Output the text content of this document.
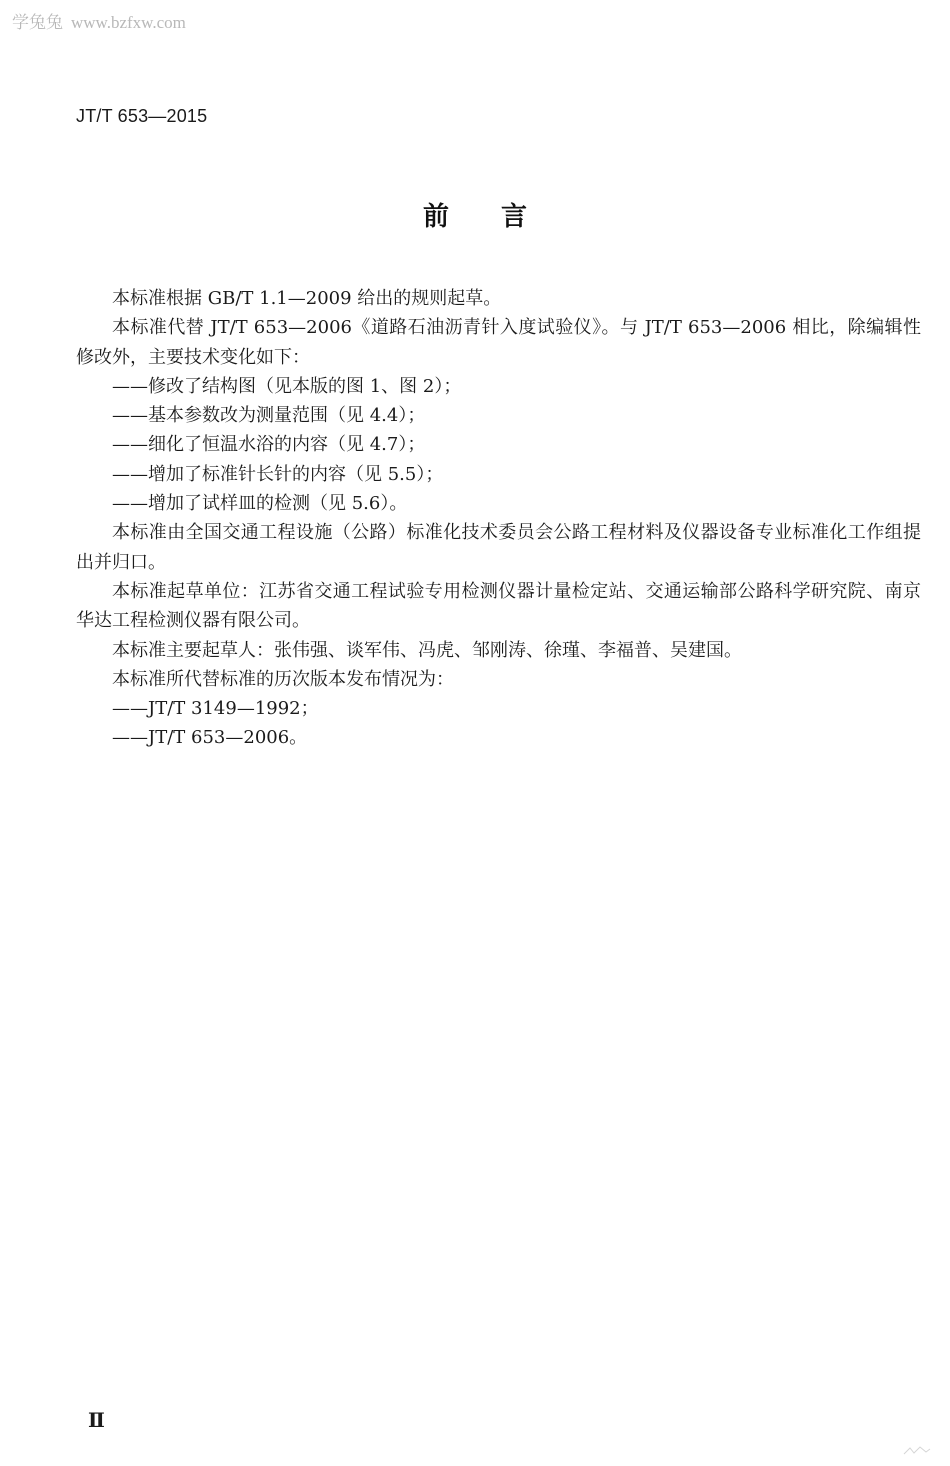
学兔兔 www.bzfxw.com
JT/T 653—2015
前言

本标准根据 GB/T 1.1—2009 给出的规则起草。

本标准代替 JT/T 653—2006《道路石油沥青针入度试验仪》。与 JT/T 653—2006 相比，除编辑性修改外，主要技术变化如下：

——修改了结构图（见本版的图 1、图 2）；

——基本参数改为测量范围（见 4.4）；

——细化了恒温水浴的内容（见 4.7）；

——增加了标准针长针的内容（见 5.5）；

——增加了试样皿的检测（见 5.6）。

本标准由全国交通工程设施（公路）标准化技术委员会公路工程材料及仪器设备专业标准化工作组提出并归口。

本标准起草单位：江苏省交通工程试验专用检测仪器计量检定站、交通运输部公路科学研究院、南京华达工程检测仪器有限公司。

本标准主要起草人：张伟强、谈军伟、冯虎、邹刚涛、徐瑾、李福普、吴建国。

本标准所代替标准的历次版本发布情况为：

——JT/T 3149—1992；

——JT/T 653—2006。

Ⅱ
